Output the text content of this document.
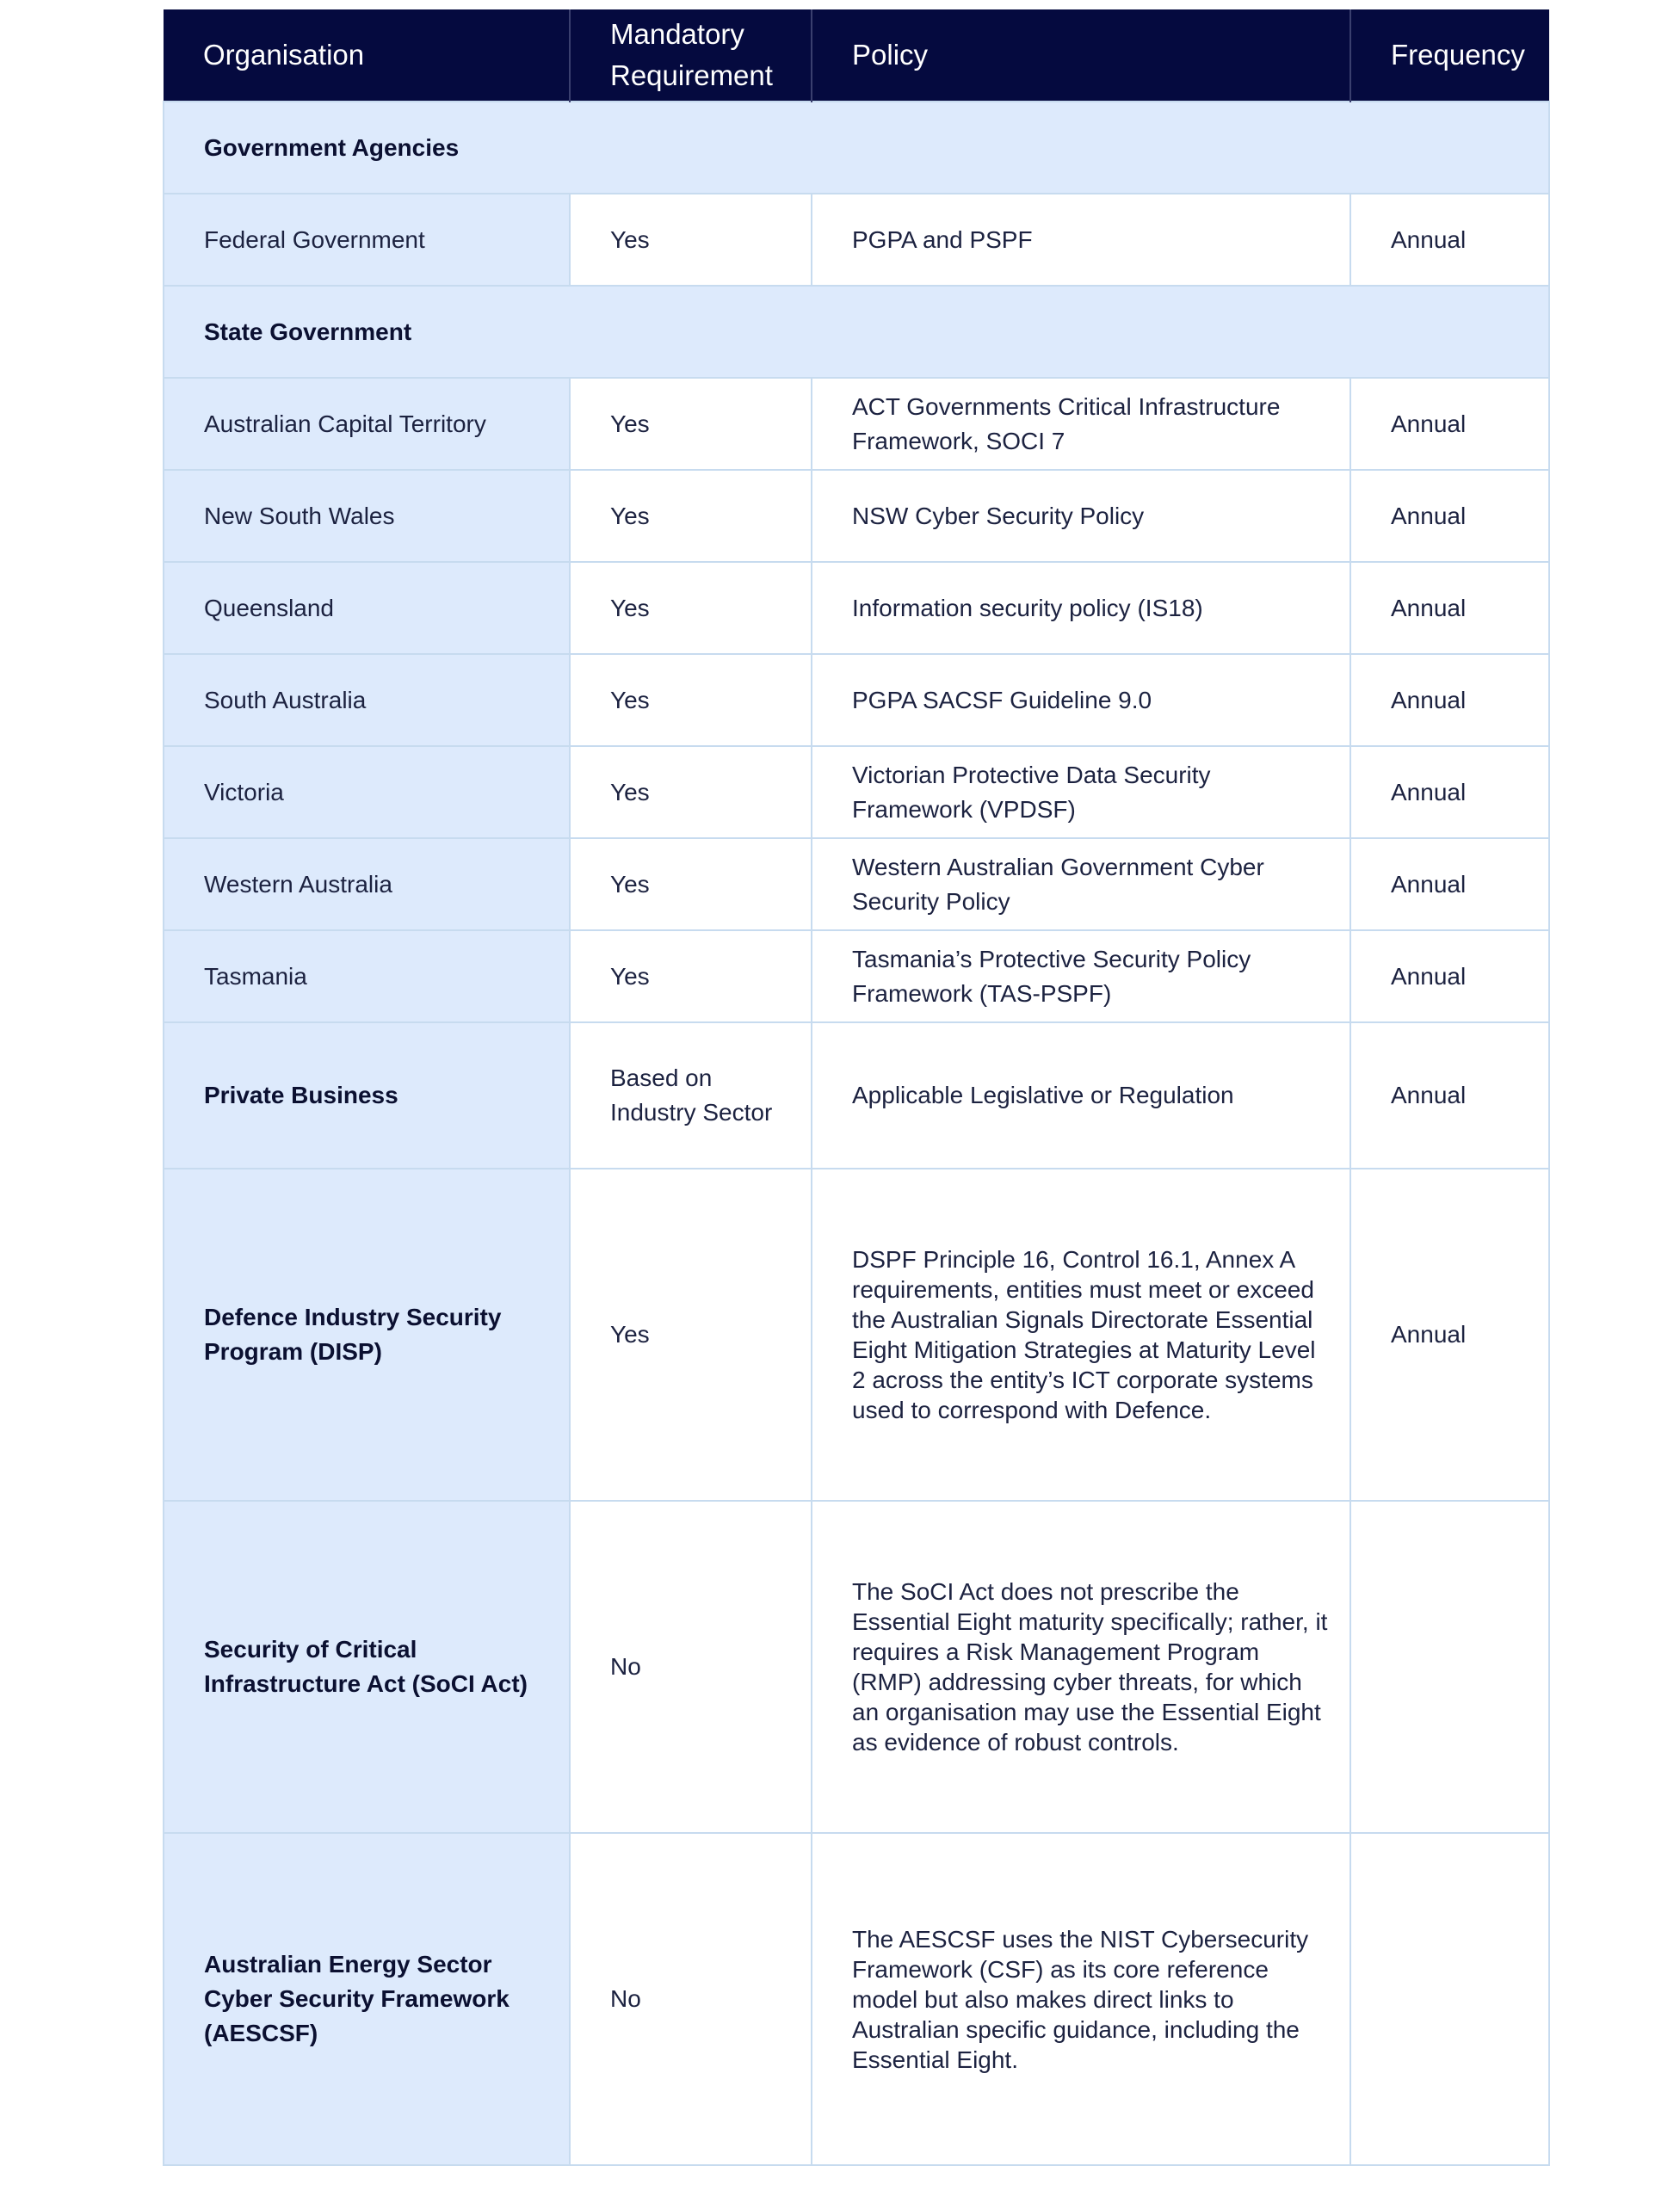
Organisation	Mandatory Requirement	Policy	Frequency
Government Agencies			
Federal Government	Yes	PGPA and PSPF	Annual
State Government			
Australian Capital Territory	Yes	ACT Governments Critical Infrastructure Framework, SOCI 7	Annual
New South Wales	Yes	NSW Cyber Security Policy	Annual
Queensland	Yes	Information security policy (IS18)	Annual
South Australia	Yes	PGPA SACSF Guideline 9.0	Annual
Victoria	Yes	Victorian Protective Data Security Framework (VPDSF)	Annual
Western Australia	Yes	Western Australian Government Cyber Security Policy	Annual
Tasmania	Yes	Tasmania’s Protective Security Policy Framework (TAS-PSPF)	Annual
Private Business	Based on Industry Sector	Applicable Legislative or Regulation	Annual
Defence Industry Security Program (DISP)	Yes	DSPF Principle 16, Control 16.1, Annex A requirements, entities must meet or exceed the Australian Signals Directorate Essential Eight Mitigation Strategies at Maturity Level 2 across the entity’s ICT corporate systems used to correspond with Defence.	Annual
Security of Critical Infrastructure Act (SoCI Act)	No	The SoCI Act does not prescribe the Essential Eight maturity specifically; rather, it requires a Risk Management Program (RMP) addressing cyber threats, for which an organisation may use the Essential Eight as evidence of robust controls.	
Australian Energy Sector Cyber Security Framework (AESCSF)	No	The AESCSF uses the NIST Cybersecurity Framework (CSF) as its core reference model but also makes direct links to Australian specific guidance, including the Essential Eight.	
